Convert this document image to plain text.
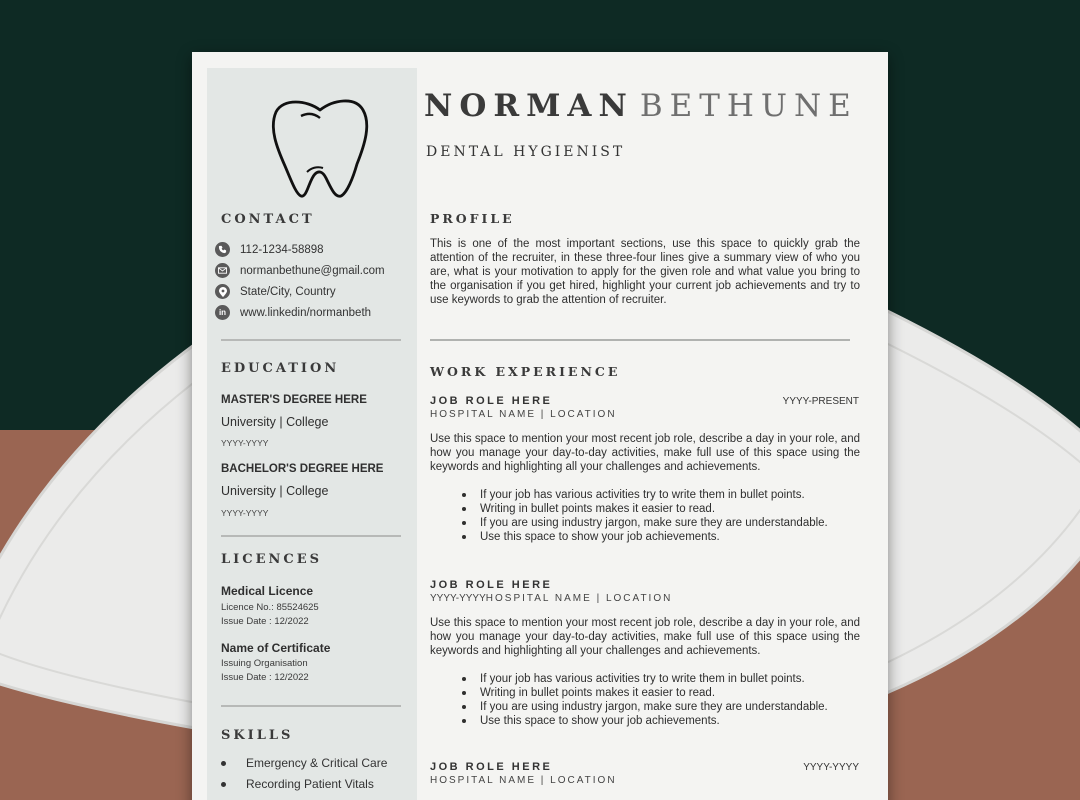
CONTACT
112-1234-58898
normanbethune@gmail.com
State/City, Country
in	www.linkedin/normanbeth
EDUCATION
MASTER'S DEGREE HERE
University | College
YYYY-YYYY
BACHELOR'S DEGREE HERE
University | College
YYYY-YYYY
LICENCES
Medical Licence
Licence No.: 85524625
Issue Date : 12/2022
Name of Certificate
Issuing Organisation
Issue Date : 12/2022
SKILLS
Emergency & Critical Care
Recording Patient Vitals
NORMAN BETHUNE
DENTAL HYGIENIST
PROFILE
This is one of the most important sections, use this space to quickly grab the attention of the recruiter, in these three-four lines give a summary view of who you are, what is your motivation to apply for the given role and what value you bring to the organisation if you get hired, highlight your current job achievements and try to use keywords to grab the attention of recruiter.
WORK EXPERIENCE
JOB ROLE HERE	YYYY-PRESENT
HOSPITAL NAME | LOCATION
Use this space to mention your most recent job role, describe a day in your role, and how you manage your day-to-day activities, make full use of this space using the keywords and highlighting all your challenges and achievements.
If your job has various activities try to write them in bullet points.
Writing in bullet points makes it easier to read.
If you are using industry jargon, make sure they are understandable.
Use this space to show your job achievements.
JOB ROLE HERE
YYYY-YYYYHOSPITAL NAME | LOCATION
Use this space to mention your most recent job role, describe a day in your role, and how you manage your day-to-day activities, make full use of this space using the keywords and highlighting all your challenges and achievements.
If your job has various activities try to write them in bullet points.
Writing in bullet points makes it easier to read.
If you are using industry jargon, make sure they are understandable.
Use this space to show your job achievements.
JOB ROLE HERE	YYYY-YYYY
HOSPITAL NAME | LOCATION
